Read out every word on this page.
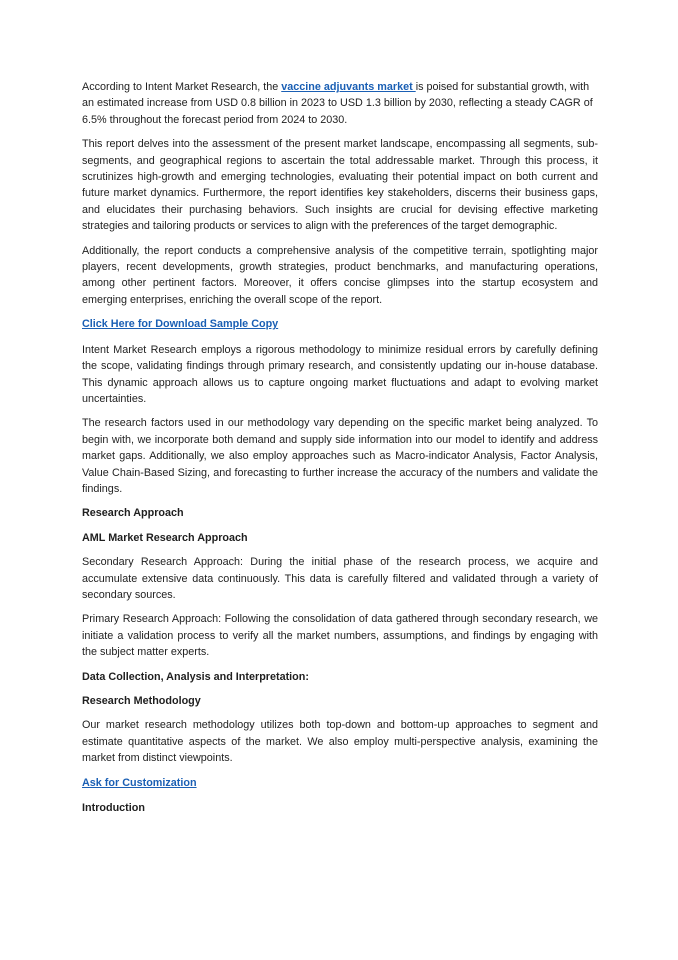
According to Intent Market Research, the vaccine adjuvants market is poised for substantial growth, with an estimated increase from USD 0.8 billion in 2023 to USD 1.3 billion by 2030, reflecting a steady CAGR of 6.5% throughout the forecast period from 2024 to 2030.

This report delves into the assessment of the present market landscape, encompassing all segments, sub-segments, and geographical regions to ascertain the total addressable market. Through this process, it scrutinizes high-growth and emerging technologies, evaluating their potential impact on both current and future market dynamics. Furthermore, the report identifies key stakeholders, discerns their business gaps, and elucidates their purchasing behaviors. Such insights are crucial for devising effective marketing strategies and tailoring products or services to align with the preferences of the target demographic.

Additionally, the report conducts a comprehensive analysis of the competitive terrain, spotlighting major players, recent developments, growth strategies, product benchmarks, and manufacturing operations, among other pertinent factors. Moreover, it offers concise glimpses into the startup ecosystem and emerging enterprises, enriching the overall scope of the report.

Click Here for Download Sample Copy

Intent Market Research employs a rigorous methodology to minimize residual errors by carefully defining the scope, validating findings through primary research, and consistently updating our in-house database. This dynamic approach allows us to capture ongoing market fluctuations and adapt to evolving market uncertainties.

The research factors used in our methodology vary depending on the specific market being analyzed. To begin with, we incorporate both demand and supply side information into our model to identify and address market gaps. Additionally, we also employ approaches such as Macro-indicator Analysis, Factor Analysis, Value Chain-Based Sizing, and forecasting to further increase the accuracy of the numbers and validate the findings.

Research Approach
AML Market Research Approach

Secondary Research Approach: During the initial phase of the research process, we acquire and accumulate extensive data continuously. This data is carefully filtered and validated through a variety of secondary sources.

Primary Research Approach: Following the consolidation of data gathered through secondary research, we initiate a validation process to verify all the market numbers, assumptions, and findings by engaging with the subject matter experts.

Data Collection, Analysis and Interpretation:
Research Methodology

Our market research methodology utilizes both top-down and bottom-up approaches to segment and estimate quantitative aspects of the market. We also employ multi-perspective analysis, examining the market from distinct viewpoints.

Ask for Customization
Introduction
